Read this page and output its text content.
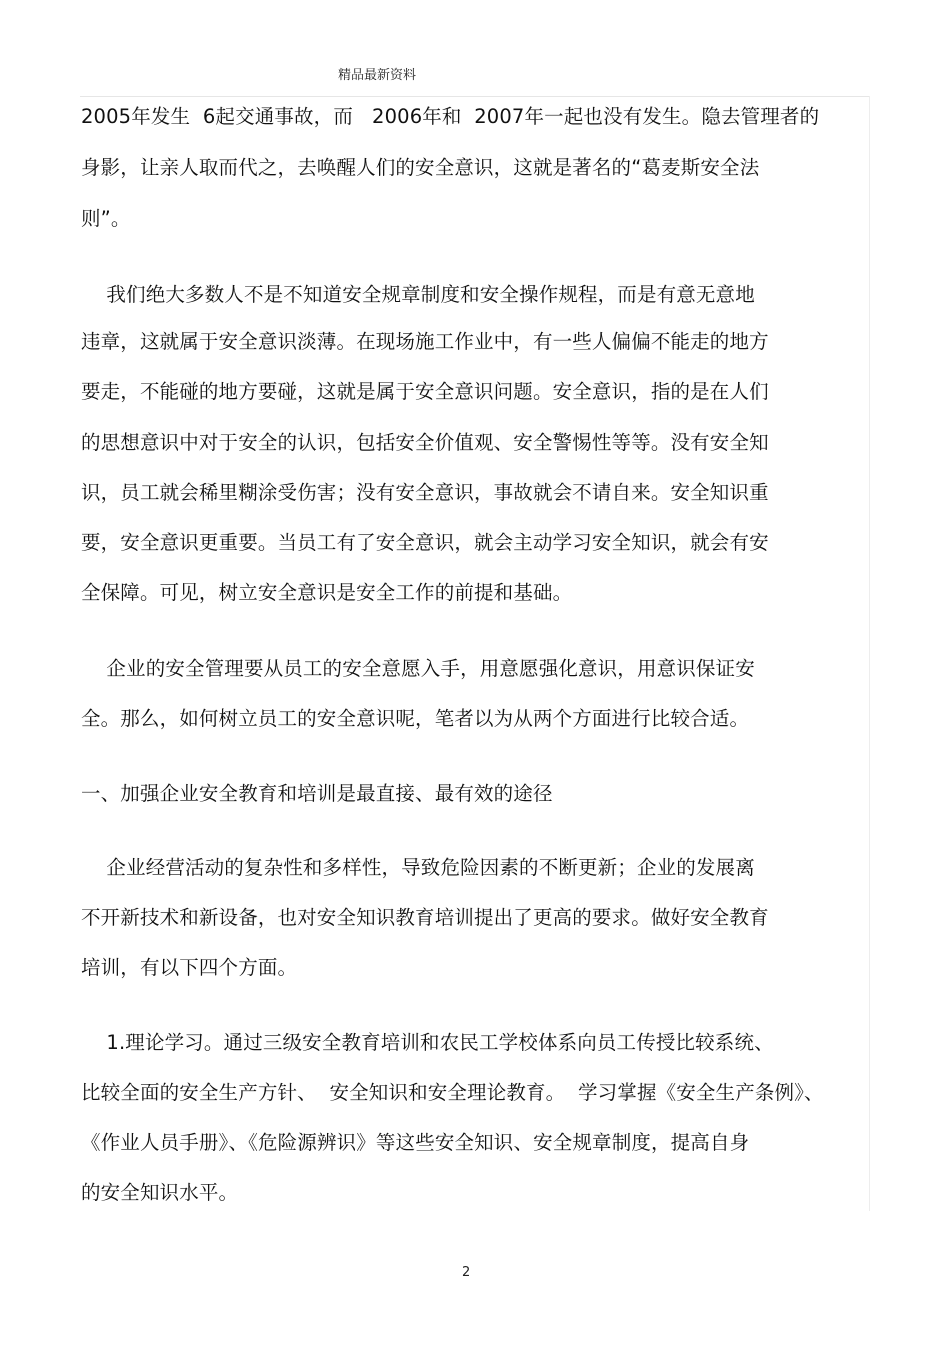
精品最新资料
2005年发生  6起交通事故，而   2006年和  2007年一起也没有发生。隐去管理者的
身影，让亲人取而代之，去唤醒人们的安全意识，这就是著名的“葛麦斯安全法
则”。
我们绝大多数人不是不知道安全规章制度和安全操作规程，而是有意无意地
违章，这就属于安全意识淡薄。在现场施工作业中，有一些人偏偏不能走的地方
要走，不能碰的地方要碰，这就是属于安全意识问题。安全意识，指的是在人们
的思想意识中对于安全的认识，包括安全价值观、安全警惕性等等。没有安全知
识，员工就会稀里糊涂受伤害；没有安全意识，事故就会不请自来。安全知识重
要，安全意识更重要。当员工有了安全意识，就会主动学习安全知识，就会有安
全保障。可见，树立安全意识是安全工作的前提和基础。
企业的安全管理要从员工的安全意愿入手，用意愿强化意识，用意识保证安
全。那么，如何树立员工的安全意识呢，笔者以为从两个方面进行比较合适。
一、加强企业安全教育和培训是最直接、最有效的途径
企业经营活动的复杂性和多样性，导致危险因素的不断更新；企业的发展离
不开新技术和新设备，也对安全知识教育培训提出了更高的要求。做好安全教育
培训，有以下四个方面。
1.理论学习。通过三级安全教育培训和农民工学校体系向员工传授比较系统、
比较全面的安全生产方针、  安全知识和安全理论教育。  学习掌握《安全生产条例》、
《作业人员手册》、《危险源辨识》等这些安全知识、安全规章制度，提高自身
的安全知识水平。
2
